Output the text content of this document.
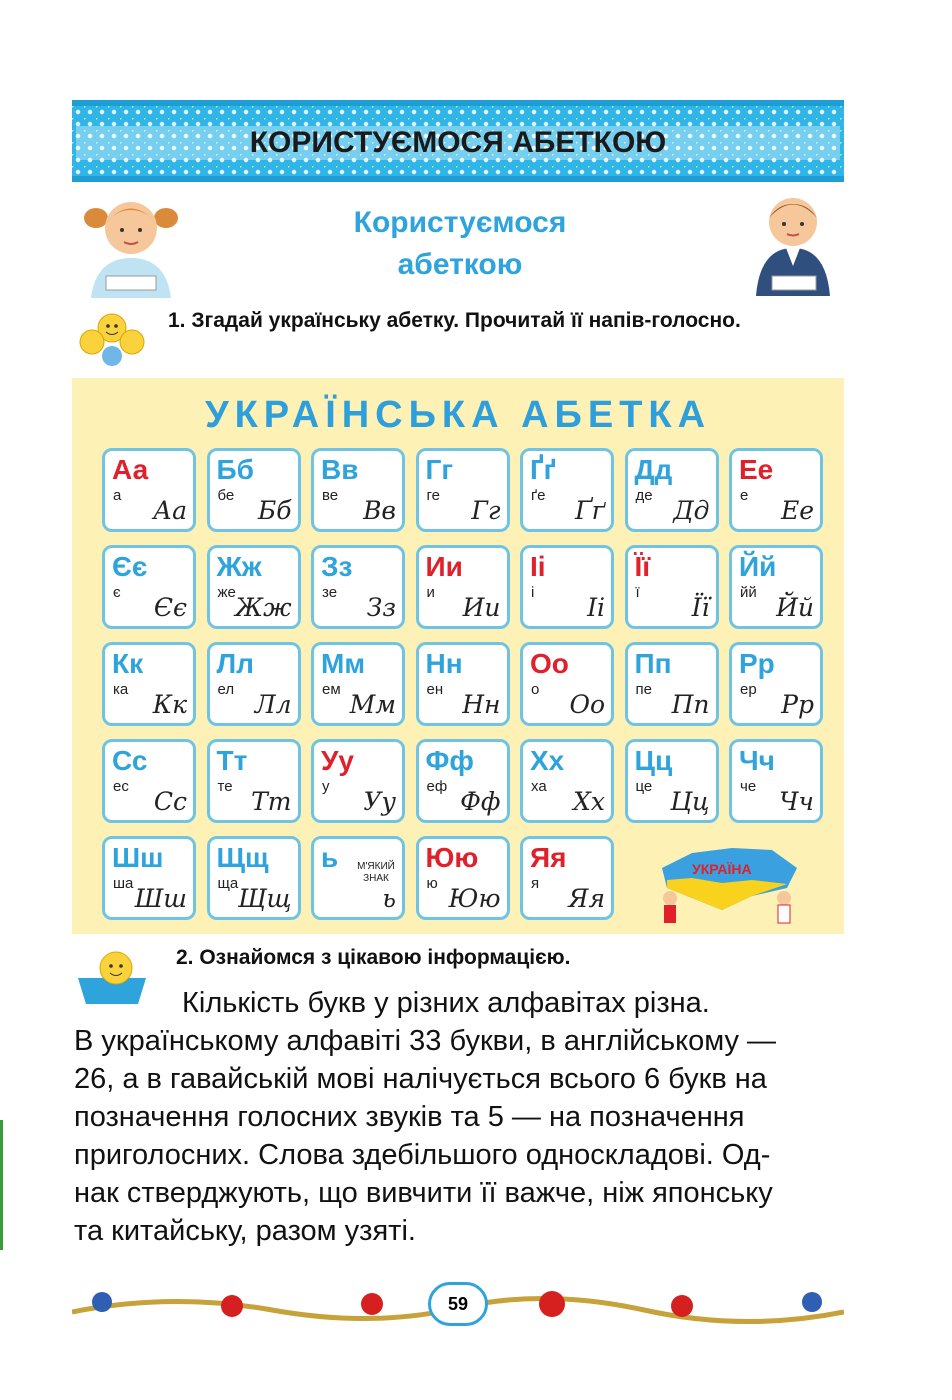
КОРИСТУЄМОСЯ АБЕТКОЮ
Користуємося
абеткою
1. Згадай українську абетку. Прочитай її напів-голосно.
УКРАЇНСЬКА АБЕТКА
Аа
а
Аа
Бб
бе
Бб
Вв
ве
Вв
Гг
ге
Гг
Ґґ
ґе
Ґґ
Дд
де
Дд
Ее
е
Ее
Єє
є
Єє
Жж
же
Жж
Зз
зе
Зз
Ии
и
Ии
Іі
і
Іі
Її
ї
Її
Йй
йй
Йй
Кк
ка
Кк
Лл
ел
Лл
Мм
ем
Мм
Нн
ен
Нн
Оо
о
Оо
Пп
пе
Пп
Рр
ер
Рр
Сс
ес
Сс
Тт
те
Тт
Уу
у
Уу
Фф
еф
Фф
Хх
ха
Хх
Цц
це
Цц
Чч
че
Чч
Шш
ша
Шш
Щщ
ща
Щщ
ь	М'ЯКИЙ ЗНАК
ь
Юю
ю
Юю
Яя
я
Яя
УКРАЇНА
2. Ознайомся з цікавою інформацією.
Кількість букв у різних алфавітах різна.
В українському алфавіті 33 букви, в англійському —
26, а в гавайській мові налічується всього 6 букв на
позначення голосних звуків та 5 — на позначення
приголосних. Слова здебільшого односкладові. Од-
нак стверджують, що вивчити її важче, ніж японську
та китайську, разом узяті.
59
